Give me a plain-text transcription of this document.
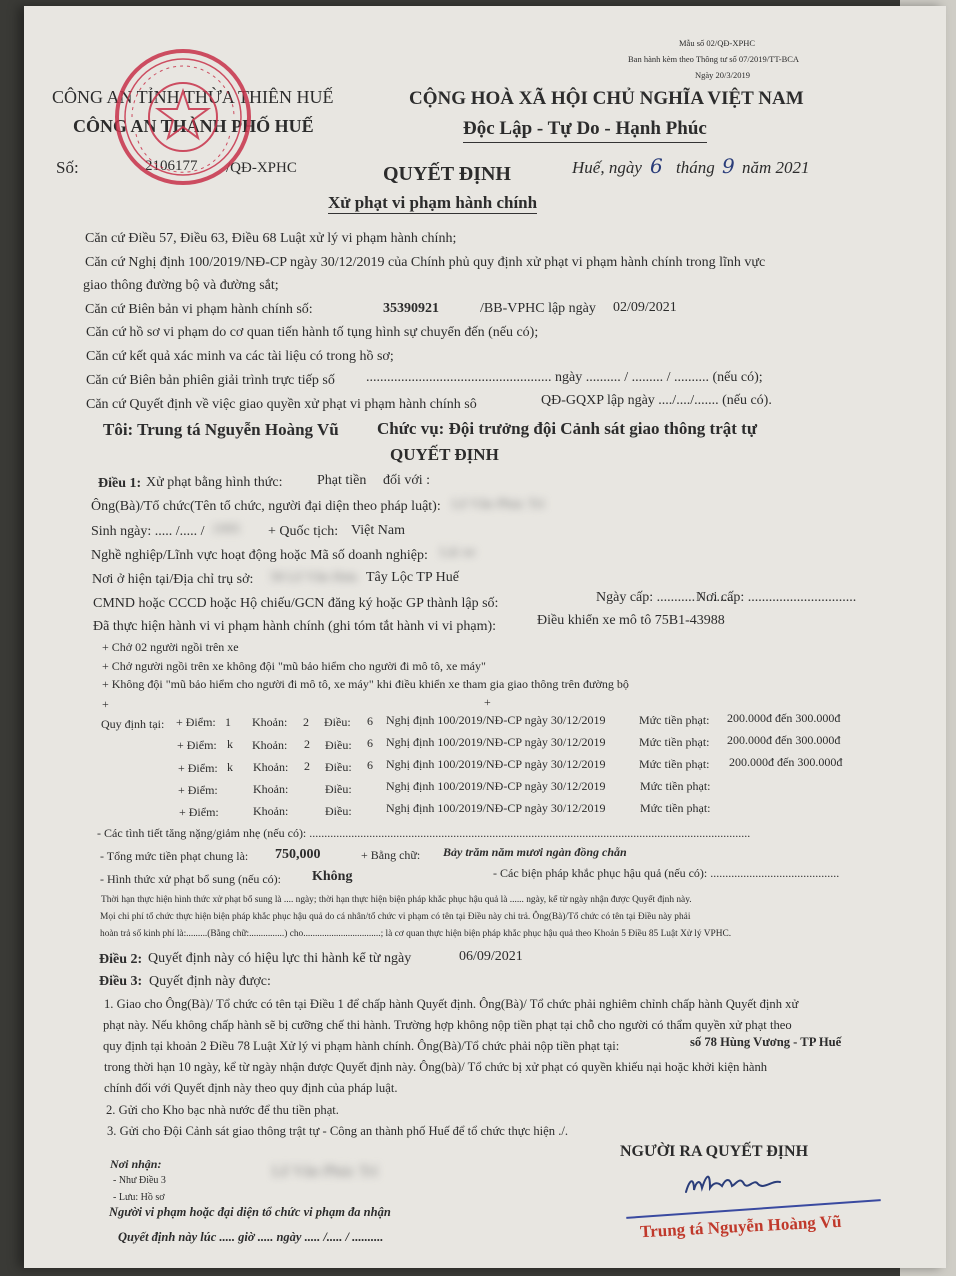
Mẫu số 02/QĐ-XPHC
Ban hành kèm theo Thông tư số 07/2019/TT-BCA
Ngày 20/3/2019
CÔNG AN TỈNH THỪA THIÊN HUẾ
CÔNG AN THÀNH PHỐ HUẾ
Số:	2106177 /QĐ-XPHC
CỘNG HOÀ XÃ HỘI CHỦ NGHĨA VIỆT NAM
Độc Lập - Tự Do - Hạnh Phúc
Huế, ngày 6 tháng 9 năm 2021
QUYẾT ĐỊNH
Xử phạt vi phạm hành chính
Căn cứ Điều 57, Điều 63, Điều 68 Luật xử lý vi phạm hành chính;
Căn cứ Nghị định 100/2019/NĐ-CP ngày 30/12/2019 của Chính phủ quy định xử phạt vi phạm hành chính trong lĩnh vực
giao thông đường bộ và đường sắt;
Căn cứ Biên bản vi phạm hành chính số:	35390921	/BB-VPHC lập ngày 02/09/2021
Căn cứ hồ sơ vi phạm do cơ quan tiến hành tố tụng hình sự chuyển đến (nếu có);
Căn cứ kết quả xác minh va các tài liệu có trong hồ sơ;
Căn cứ Biên bản phiên giải trình trực tiếp số ..................................................... ngày .......... / ......... / .......... (nếu có);
Căn cứ Quyết định về việc giao quyền xử phạt vi phạm hành chính sô	QĐ-GQXP lập ngày ..../..../....... (nếu có).
Tôi: Trung tá Nguyễn Hoàng Vũ Chức vụ: Đội trưởng đội Cảnh sát giao thông trật tự
QUYẾT ĐỊNH
Điều 1: Xử phạt bằng hình thức: Phạt tiền đối với :
Ông(Bà)/Tổ chức(Tên tổ chức, người đại diện theo pháp luật): Lê Văn Phúc Trí
Sinh ngày: ..... /..... / 1995 + Quốc tịch: Việt Nam
Nghề nghiệp/Lĩnh vực hoạt động hoặc Mã số doanh nghiệp: Lái xe
Nơi ở hiện tại/Địa chỉ trụ sở: 58 Lê Văn Hưu Tây Lộc TP Huế
CMND hoặc CCCD hoặc Hộ chiếu/GCN đăng ký hoặc GP thành lập số:	Ngày cấp: ........... / ........
Nơi cấp: ...............................
Đã thực hiện hành vi vi phạm hành chính (ghi tóm tắt hành vi vi phạm):	Điều khiển xe mô tô 75B1-43988
+ Chở 02 người ngồi trên xe
+ Chở người ngồi trên xe không đội "mũ bảo hiểm cho người đi mô tô, xe máy"
+ Không đội "mũ bảo hiểm cho người đi mô tô, xe máy" khi điều khiển xe tham gia giao thông trên đường bộ
+	+
Quy định tại: + Điểm: 1 Khoản: 2 Điều: 6 Nghị định 100/2019/NĐ-CP ngày 30/12/2019	Mức tiền phạt: 200.000đ đến 300.000đ
+ Điểm: k Khoản: 2 Điều: 6 Nghị định 100/2019/NĐ-CP ngày 30/12/2019	Mức tiền phạt: 200.000đ đến 300.000đ
+ Điểm: k Khoản: 2 Điều: 6 Nghị định 100/2019/NĐ-CP ngày 30/12/2019	Mức tiền phạt: 200.000đ đến 300.000đ
+ Điểm:	Khoản:	Điều:	Nghị định 100/2019/NĐ-CP ngày 30/12/2019	Mức tiền phạt:
+ Điểm:	Khoản:	Điều:	Nghị định 100/2019/NĐ-CP ngày 30/12/2019	Mức tiền phạt:
- Các tình tiết tăng nặng/giảm nhẹ (nếu có): ...................................................................................................................................................
- Tổng mức tiền phạt chung là: 750,000	+ Bằng chữ: Bảy trăm năm mươi ngàn đồng chẵn
- Các biện pháp khắc phục hậu quả (nếu có): ...........................................
- Hình thức xử phạt bổ sung (nếu có): Không
Thời hạn thực hiện hình thức xử phạt bổ sung là .... ngày; thời hạn thực hiện biện pháp khắc phục hậu quả là ...... ngày, kể từ ngày nhận được Quyết định này.
Mọi chi phí tổ chức thực hiện biện pháp khắc phục hậu quả do cá nhân/tổ chức vi phạm có tên tại Điều này chi trả. Ông(Bà)/Tổ chức có tên tại Điều này phải
hoàn trả số kinh phí là:.........(Bằng chữ:...............) cho.................................; là cơ quan thực hiện biện pháp khắc phục hậu quả theo Khoản 5 Điều 85 Luật Xử lý VPHC.
Điều 2: Quyết định này có hiệu lực thi hành kể từ ngày	06/09/2021
Điều 3: Quyết định này được:
1. Giao cho Ông(Bà)/ Tổ chức có tên tại Điều 1 để chấp hành Quyết định. Ông(Bà)/ Tổ chức phải nghiêm chỉnh chấp hành Quyết định xử
phạt này. Nếu không chấp hành sẽ bị cưỡng chế thi hành. Trường hợp không nộp tiền phạt tại chỗ cho người có thẩm quyền xử phạt theo
quy định tại khoản 2 Điều 78 Luật Xử lý vi phạm hành chính. Ông(Bà)/Tổ chức phải nộp tiền phạt tại:	số 78 Hùng Vương - TP Huế
trong thời hạn 10 ngày, kể từ ngày nhận được Quyết định này. Ông(bà)/ Tổ chức bị xử phạt có quyền khiếu nại hoặc khởi kiện hành
chính đối với Quyết định này theo quy định của pháp luật.
2. Gửi cho Kho bạc nhà nước để thu tiền phạt.
3. Gửi cho Đội Cảnh sát giao thông trật tự - Công an thành phố Huế để tổ chức thực hiện ./.
NGƯỜI RA QUYẾT ĐỊNH
Nơi nhận:
- Như Điều 3
- Lưu: Hồ sơ
Lê Văn Phúc Trí
Trung tá Nguyễn Hoàng Vũ
Người vi phạm hoặc đại diện tổ chức vi phạm đa nhận
Quyết định này lúc ..... giờ ..... ngày ..... /..... / ..........
